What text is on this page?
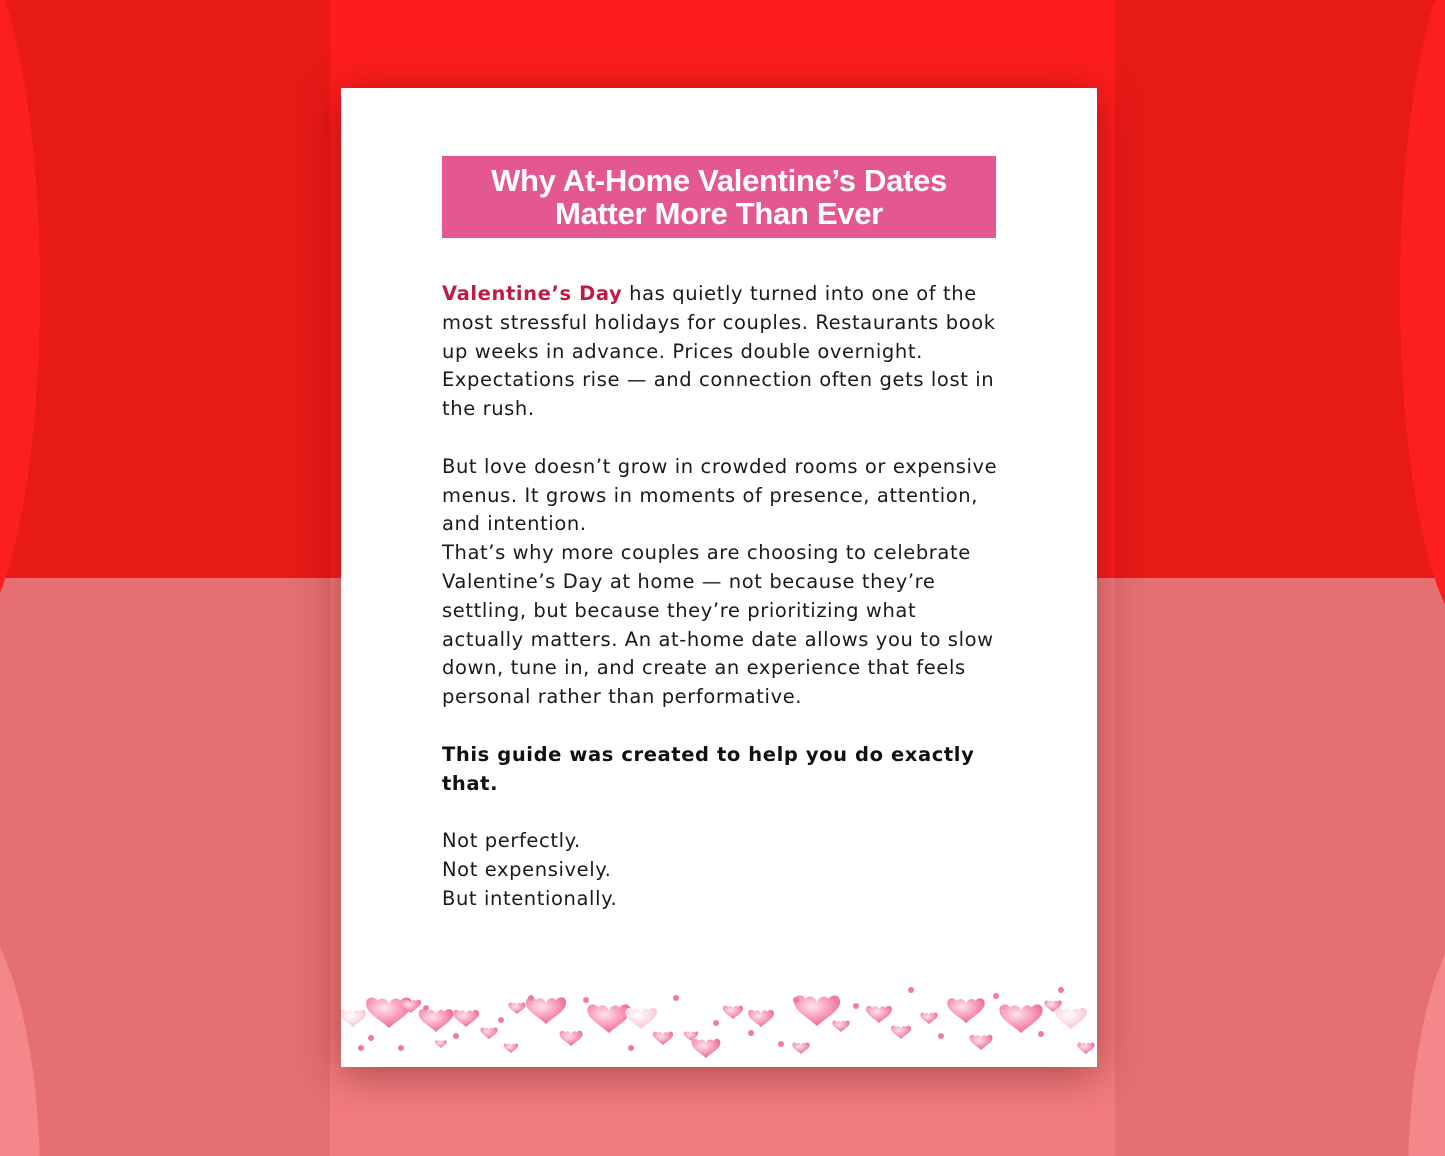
Why At-Home Valentine’s Dates Matter More Than Ever

Valentine’s Day has quietly turned into one of the most stressful holidays for couples. Restaurants book up weeks in advance. Prices double overnight. Expectations rise — and connection often gets lost in the rush.

But love doesn’t grow in crowded rooms or expensive menus. It grows in moments of presence, attention, and intention.

That’s why more couples are choosing to celebrate Valentine’s Day at home — not because they’re settling, but because they’re prioritizing what actually matters. An at-home date allows you to slow down, tune in, and create an experience that feels personal rather than performative.

This guide was created to help you do exactly that.

Not perfectly.

Not expensively.

But intentionally.
